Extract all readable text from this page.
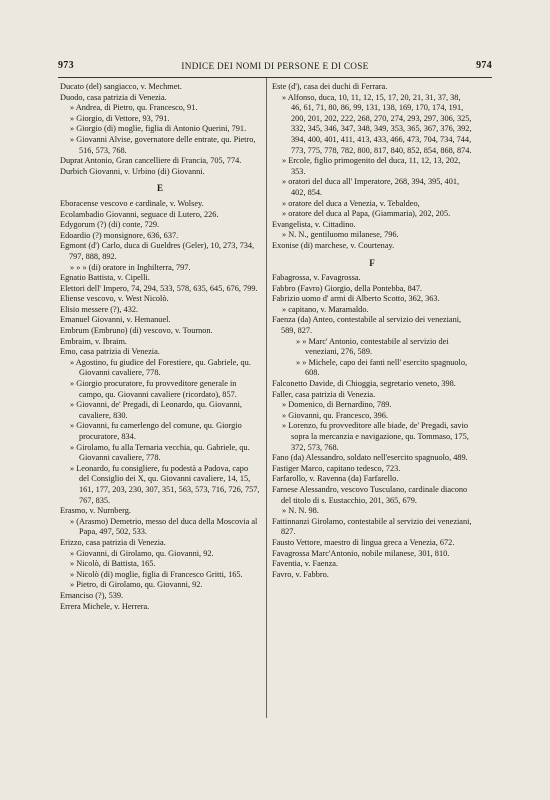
973	INDICE DEI NOMI DI PERSONE E DI COSE	974

Ducato (del) sangiacco, v. Mechmet.

Duodo, casa patrizia di Venezia.

» Andrea, di Pietro, qu. Francesco, 91.

» Giorgio, di Vettore, 93, 791.

» Giorgio (di) moglie, figlia di Antonio Querini, 791.

» Giovanni Alvise, governatore delle entrate, qu. Pietro, 516, 573, 768.

Duprat Antonio, Gran cancelliere di Francia, 705, 774.

Durbich Giovanni, v. Urbino (di) Giovanni.

E

Eboracense vescovo e cardinale, v. Wolsey.

Ecolambadio Giovanni, seguace di Lutero, 226.

Edygorum (?) (di) conte, 729.

Edoardio (?) monsignore, 636, 637.

Egmont (d') Carlo, duca di Gueldres (Geler), 10, 273, 734, 797, 888, 892.

» » » (di) oratore in Inghilterra, 797.

Egnatio Battista, v. Cipelli.

Elettori dell' Impero, 74, 294, 533, 578, 635, 645, 676, 799.

Eliense vescovo, v. West Nicolò.

Elisio messere (?), 432.

Emanuel Giovanni, v. Hemanuel.

Embrum (Embruno) (di) vescovo, v. Tournon.

Embraim, v. Ibraim.

Emo, casa patrizia di Venezia.

» Agostino, fu giudice del Forestiere, qu. Gabriele, qu. Giovanni cavaliere, 778.

» Giorgio procuratore, fu provveditore generale in campo, qu. Giovanni cavaliere (ricordato), 857.

» Giovanni, de' Pregadi, di Leonardo, qu. Giovanni, cavaliere, 830.

» Giovanni, fu camerlengo del comune, qu. Giorgio procuratore, 834.

» Girolamo, fu alla Ternaria vecchia, qu. Gabriele, qu. Giovanni cavaliere, 778.

» Leonardo, fu consigliere, fu podestà a Padova, capo del Consiglio dei X, qu. Giovanni cavaliere, 14, 15, 161, 177, 203, 230, 307, 351, 563, 573, 716, 726, 757, 767, 835.

Erasmo, v. Nurnberg.

» (Arasmo) Demetrio, messo del duca della Moscovia al Papa, 497, 502, 533.

Erizzo, casa patrizia di Venezia.

» Giovanni, di Girolamo, qu. Giovanni, 92.

» Nicolò, di Battista, 165.

» Nicolò (di) moglie, figlia di Francesco Gritti, 165.

» Pietro, di Girolamo, qu. Giovanni, 92.

Ernanciso (?), 539.

Errera Michele, v. Herrera.

Este (d'), casa dei duchi di Ferrara.

» Alfonso, duca, 10, 11, 12, 15, 17, 20, 21, 31, 37, 38, 46, 61, 71, 80, 86, 99, 131, 138, 169, 170, 174, 191, 200, 201, 202, 222, 268, 270, 274, 293, 297, 306, 325, 332, 345, 346, 347, 348, 349, 353, 365, 367, 376, 392, 394, 400, 401, 411, 413, 433, 466, 473, 704, 734, 744, 773, 775, 778, 782, 800, 817, 840, 852, 854, 868, 874.

» Ercole, figlio primogenito del duca, 11, 12, 13, 202, 353.

» oratori del duca all' Imperatore, 268, 394, 395, 401, 402, 854.

» oratore del duca a Venezia, v. Tebaldeo,

» oratore del duca al Papa, (Giammaria), 202, 205.

Evangelista, v. Cittadino.

» N. N., gentiluomo milanese, 796.

Exonise (di) marchese, v. Courtenay.

F

Fabagrossa, v. Favagrossa.

Fabbro (Favro) Giorgio, della Pontebba, 847.

Fabrizio uomo d' armi di Alberto Scotto, 362, 363.

» capitano, v. Maramaldo.

Faenza (da) Anteo, contestabile al servizio dei veneziani, 589, 827.

» » Marc' Antonio, contestabile al servizio dei veneziani, 276, 589.

» » Michele, capo dei fanti nell' esercito spagnuolo, 608.

Falconetto Davide, di Chioggia, segretario veneto, 398.

Faller, casa patrizia di Venezia.

» Domenico, di Bernardino, 789.

» Giovanni, qu. Francesco, 396.

» Lorenzo, fu provveditore alle biade, de' Pregadi, savio sopra la mercanzia e navigazione, qu. Tommaso, 175, 372, 573, 768.

Fano (da) Alessandro, soldato nell'esercito spagnuolo, 489.

Fastiger Marco, capitano tedesco, 723.

Farfarollo, v. Ravenna (da) Farfarello.

Farnese Alessandro, vescovo Tusculano, cardinale diacono del titolo di s. Eustacchio, 201, 365, 679.

» N. N. 98.

Fattinnanzi Girolamo, contestabile al servizio dei veneziani, 827.

Fausto Vettore, maestro di lingua greca a Venezia, 672.

Favagrossa Marc'Antonio, nobile milanese, 301, 810.

Faventia, v. Faenza.

Favro, v. Fabbro.
